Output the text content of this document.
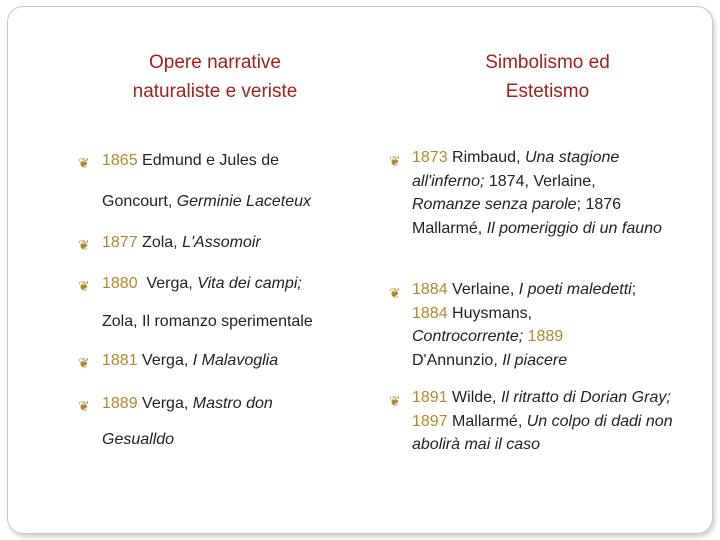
Opere narrative
naturaliste e veriste
Simbolismo ed
Estetismo
❦ 1865 Edmund e Jules de
Goncourt, Germinie Laceteux
❦ 1877 Zola, L'Assomoir
❦ 1880  Verga, Vita dei campi;
Zola, Il romanzo sperimentale
❦ 1881 Verga, I Malavoglia
❦ 1889 Verga, Mastro don
Gesualldo
❦ 1873 Rimbaud, Una stagione all'inferno; 1874, Verlaine, Romanze senza parole; 1876 Mallarmé, Il pomeriggio di un fauno
❦ 1884 Verlaine, I poeti maledetti;
1884 Huysmans,
Controcorrente; 1889
D'Annunzio, Il piacere
❦ 1891 Wilde, Il ritratto di Dorian Gray; 1897 Mallarmé, Un colpo di dadi non abolirà mai il caso
